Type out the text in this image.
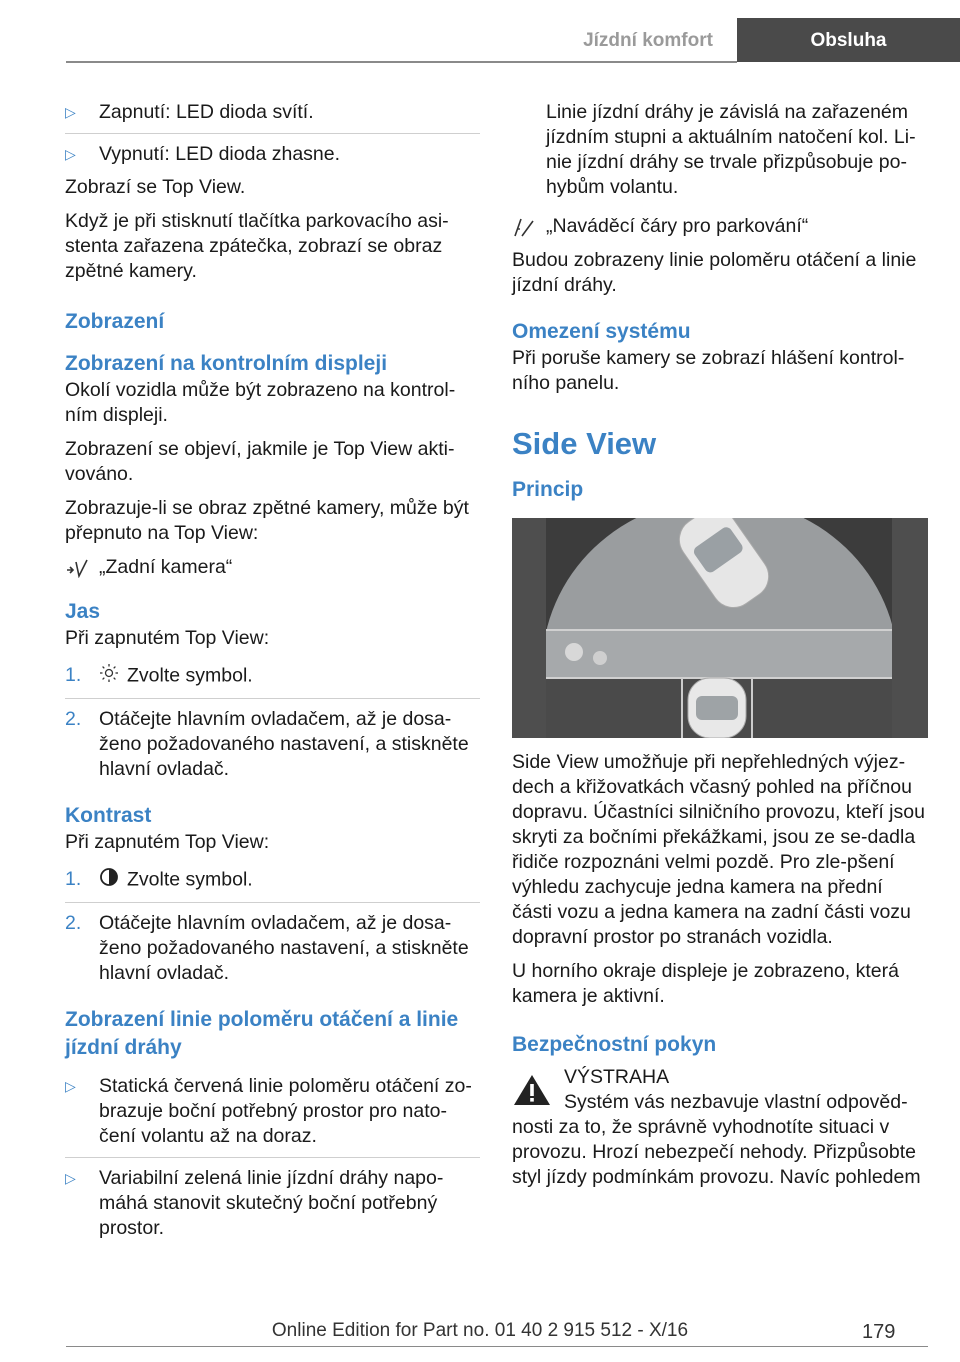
Jízdní komfort	Obsluha
▷ Zapnutí: LED dioda svítí.
▷ Vypnutí: LED dioda zhasne.

Zobrazí se Top View.

Když je při stisknutí tlačítka parkovacího asi-stenta zařazena zpátečka, zobrazí se obraz zpětné kamery.

Zobrazení
Zobrazení na kontrolním displeji

Okolí vozidla může být zobrazeno na kontrol-ním displeji.

Zobrazení se objeví, jakmile je Top View akti-vováno.

Zobrazuje-li se obraz zpětné kamery, může být přepnuto na Top View:

„Zadní kamera“
Jas

Při zapnutém Top View:

1. Zvolte symbol.
2. Otáčejte hlavním ovladačem, až je dosa-ženo požadovaného nastavení, a stiskněte hlavní ovladač.
Kontrast

Při zapnutém Top View:

1. Zvolte symbol.
2. Otáčejte hlavním ovladačem, až je dosa-ženo požadovaného nastavení, a stiskněte hlavní ovladač.
Zobrazení linie poloměru otáčení a linie jízdní dráhy
▷ Statická červená linie poloměru otáčení zo-brazuje boční potřebný prostor pro nato-čení volantu až na doraz.
▷ Variabilní zelená linie jízdní dráhy napo-máhá stanovit skutečný boční potřebný prostor.

Linie jízdní dráhy je závislá na zařazeném jízdním stupni a aktuálním natočení kol. Li-nie jízdní dráhy se trvale přizpůsobuje po-hybům volantu.

„Naváděcí čáry pro parkování“

Budou zobrazeny linie poloměru otáčení a linie jízdní dráhy.

Omezení systému

Při poruše kamery se zobrazí hlášení kontrol-ního panelu.

Side View
Princip

Side View umožňuje při nepřehledných výjez-dech a křižovatkách včasný pohled na příčnou dopravu. Účastníci silničního provozu, kteří jsou skryti za bočními překážkami, jsou ze se-dadla řidiče rozpoznáni velmi pozdě. Pro zle-pšení výhledu zachycuje jedna kamera na přední části vozu a jedna kamera na zadní části vozu dopravní prostor po stranách vozidla.

U horního okraje displeje je zobrazeno, která kamera je aktivní.

Bezpečnostní pokyn
VÝSTRAHA

Systém vás nezbavuje vlastní odpověd-nosti za to, že správně vyhodnotíte situaci v provozu. Hrozí nebezpečí nehody. Přizpůsobte styl jízdy podmínkám provozu. Navíc pohledem

Online Edition for Part no. 01 40 2 915 512 - X/16	179
